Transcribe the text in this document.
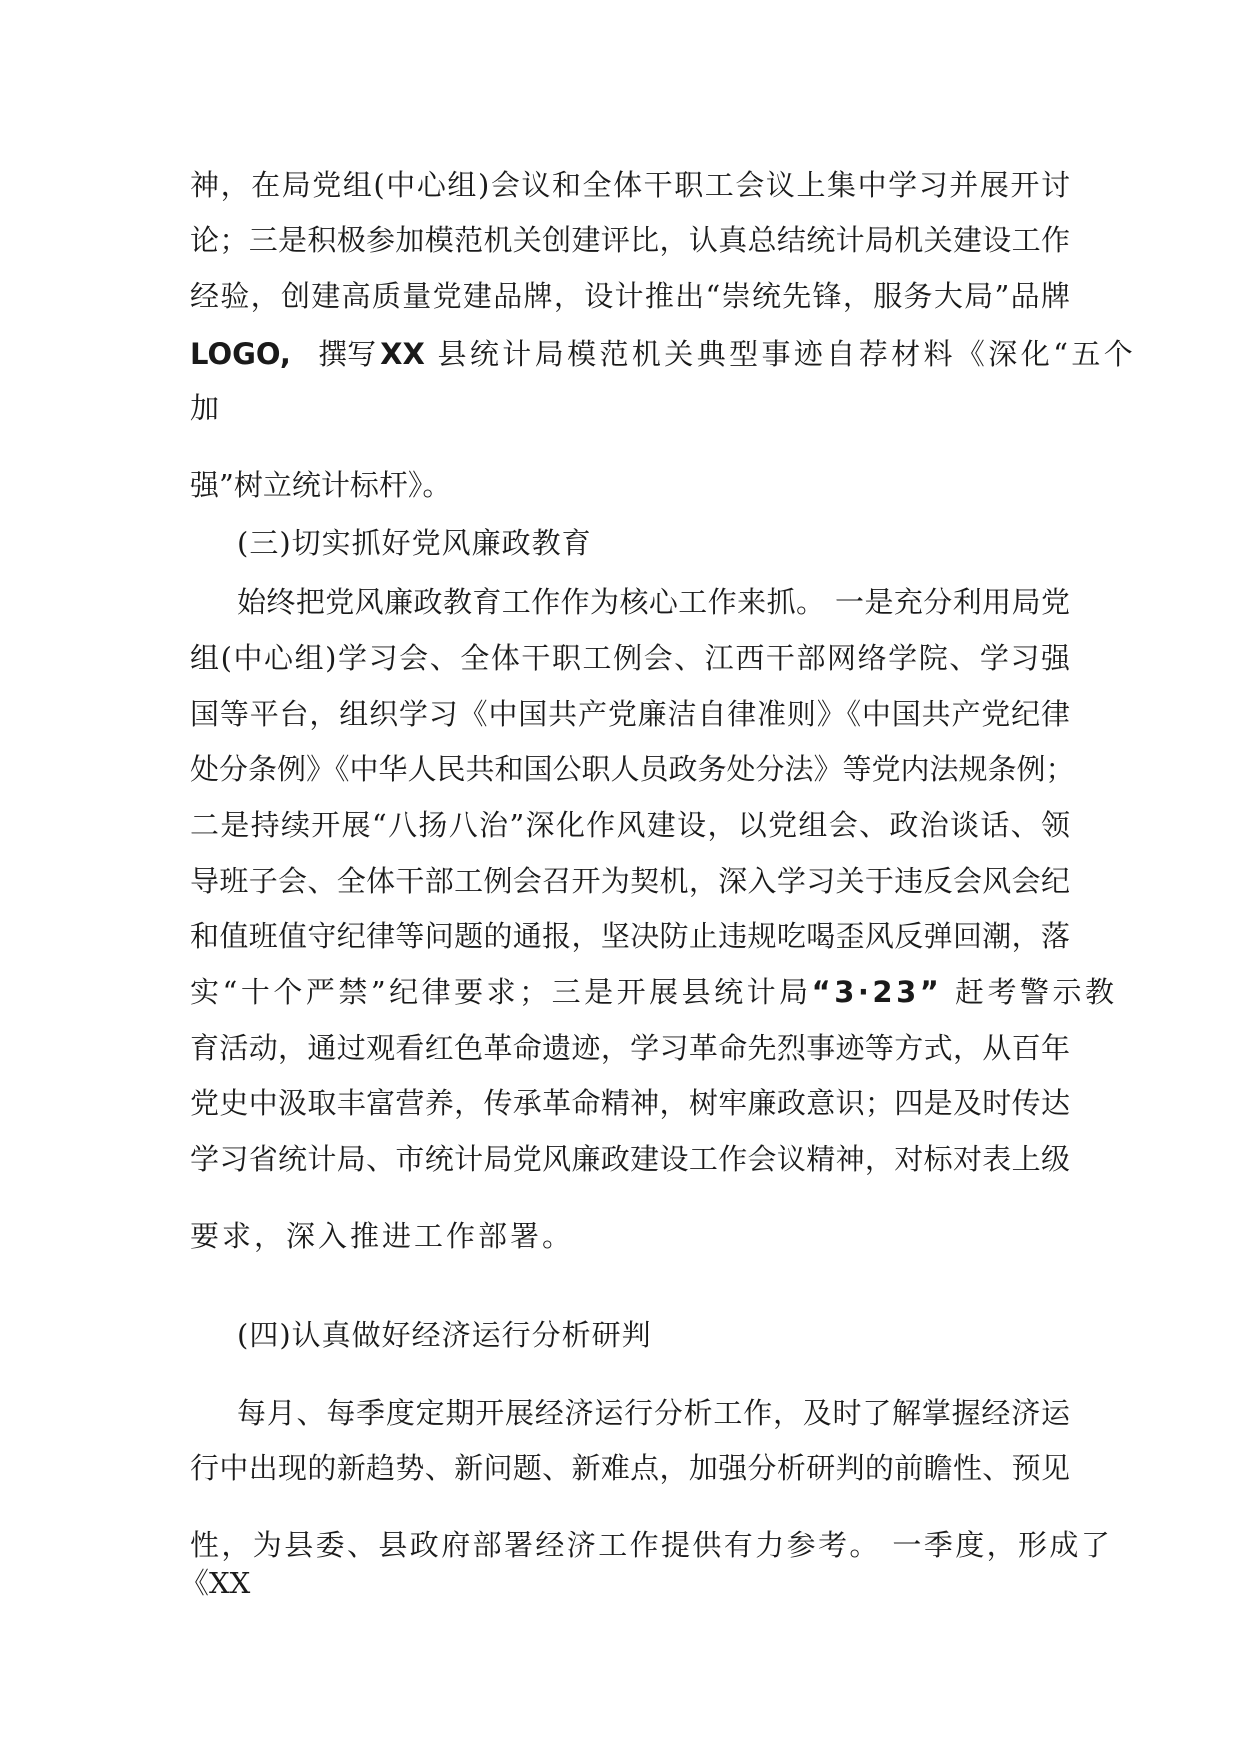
神，在局党组(中心组)会议和全体干职工会议上集中学习并展开讨
论；三是积极参加模范机关创建评比，认真总结统计局机关建设工作
经验，创建高质量党建品牌，设计推出“崇统先锋，服务大局”品牌
LOGO, 撰写 XX 县统计局模范机关典型事迹自荐材料《深化“五个
加
强”树立统计标杆》。
(三)切实抓好党风廉政教育
始终把党风廉政教育工作作为核心工作来抓。 一是充分利用局党
组(中心组)学习会、全体干职工例会、江西干部网络学院、学习强
国等平台，组织学习《中国共产党廉洁自律准则》《中国共产党纪律
处分条例》《中华人民共和国公职人员政务处分法》等党内法规条例；
二是持续开展“八扬八治”深化作风建设，以党组会、政治谈话、领
导班子会、全体干部工例会召开为契机，深入学习关于违反会风会纪
和值班值守纪律等问题的通报，坚决防止违规吃喝歪风反弹回潮，落
实“十个严禁”纪律要求；三是开展县统计局“3·23” 赶考警示教
育活动，通过观看红色革命遗迹，学习革命先烈事迹等方式，从百年
党史中汲取丰富营养，传承革命精神，树牢廉政意识；四是及时传达
学习省统计局、市统计局党风廉政建设工作会议精神，对标对表上级
要求，深入推进工作部署。
(四)认真做好经济运行分析研判
每月、每季度定期开展经济运行分析工作，及时了解掌握经济运
行中出现的新趋势、新问题、新难点，加强分析研判的前瞻性、预见
性，为县委、县政府部署经济工作提供有力参考。 一季度，形成了
《XX
